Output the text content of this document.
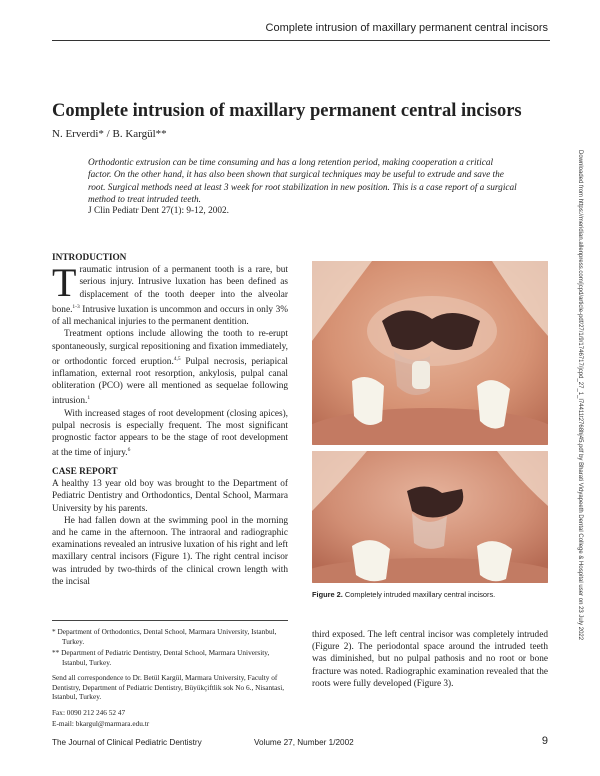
Complete intrusion of maxillary permanent central incisors
Complete intrusion of maxillary permanent central incisors
N. Erverdi* / B. Kargül**
Orthodontic extrusion can be time consuming and has a long retention period, making cooperation a critical factor. On the other hand, it has also been shown that surgical techniques may be useful to extrude and save the root. Surgical methods need at least 3 week for root stabilization in new position. This is a case report of a surgical method to treat intruded teeth.
J Clin Pediatr Dent 27(1): 9-12, 2002.	Downloaded from https://meridian.allenpress.com/jcpd/article-pdf/27/1/9/1746717/jcpd_27_1_l74411t2768hj45.pdf by Bharati Vidyapeeth Dental College & Hospital user on 23 July 2022
INTRODUCTION

Traumatic intrusion of a permanent tooth is a rare, but serious injury. Intrusive luxation has been defined as displacement of the tooth deeper into the alveolar bone.$^{1-3}$ Intrusive luxation is uncommon and occurs in only 3% of all mechanical injuries to the permanent dentition.

Treatment options include allowing the tooth to re-erupt spontaneously, surgical repositioning and fixation immediately, or orthodontic forced eruption.$^{4,5}$ Pulpal necrosis, periapical inflamation, external root resorption, ankylosis, pulpal canal obliteration (PCO) were all mentioned as sequelae following intrusion.$^1$

With increased stages of root development (closing apices), pulpal necrosis is especially frequent. The most significant prognostic factor appears to be the stage of root development at the time of injury.$^6$

CASE REPORT

A healthy 13 year old boy was brought to the Department of Pediatric Dentistry and Orthodontics, Dental School, Marmara University by his parents.

He had fallen down at the swimming pool in the morning and he came in the afternoon. The intraoral and radiographic examinations revealed an intrusive luxation of his right and left maxillary central incisors (Figure 1). The right central incisor was intruded by two-thirds of the clinical crown length with the incisal

* Department of Orthodontics, Dental School, Marmara University, Istanbul, Turkey.

** Department of Pediatric Dentistry, Dental School, Marmara University, Istanbul, Turkey.

Send all correspondence to Dr. Betül Kargül, Marmara University, Faculty of Dentistry, Department of Pediatric Dentistry, Büyükçiftlik sok No 6., Nisantasi, Istanbul, Turkey.

Fax: 0090 212 246 52 47

E-mail: bkargul@marmara.edu.tr

Figure 2. Completely intruded maxillary central incisors.

third exposed. The left central incisor was completely intruded (Figure 2). The periodontal space around the intruded teeth was diminished, but no pulpal pathosis and no root or bone fracture was noted. Radiographic examination revealed that the roots were fully developed (Figure 3).

The Journal of Clinical Pediatric Dentistry	Volume 27, Number 1/2002	9
